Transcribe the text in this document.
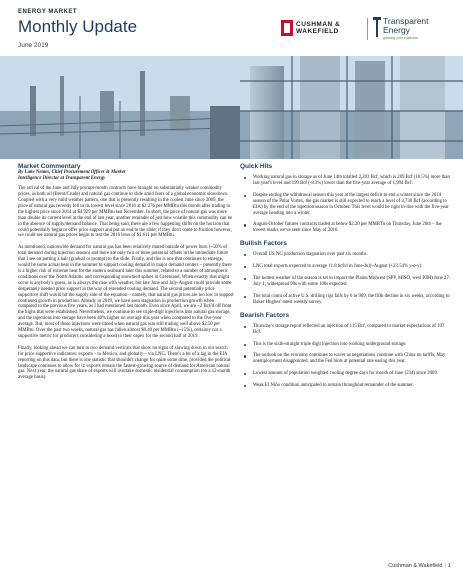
ENERGY MARKET
Monthly Update
June 2019
CUSHMAN &
WAKEFIELD
Transparent
Energy
growing your business
Market Commentary

By Luke Nemes, Chief Procurement Officer & Market

Intelligence Director at Transparent Energy

The arrival of the June and July prompt-month contracts have brought on substantially weaker commodity prices, as both oil (Brent/Crude) and natural gas continue to slide amid fears of a global economic slowdown. Coupled with a very mild weather pattern, one that is presently resulting in the coolest June since 2009, the price of natural gas recently fell to its lowest level since 2016 at $2.276 per MMBtu this month after trading to the highest price since 2014 at $4.929 per MMBtu last November. In short, the price of natural gas was more than double its current level at the end of last year, another reminder of just how volatile this commodity can be in the absence of supply/demand balance. That being said, there are a few happening shifts on the horizon that could potentially begin to offer price support and put an end to the slide; if they don't come to fruition however, we could see natural gas prices begin to test the 2016 lows of $1.611 per MMBtu.

As mentioned, nationwide demand for natural gas has been relatively muted outside of power burn (~50% of total demand during injection season) and there are only two or three potential offsets in the immediate future that I see on putting a halt (gradual or prompt) to the slide. Firstly, and this is one that continues to emerge, would be some actual heat in the summer to support cooling demand in major demand centers – presently there is a higher risk of extreme heat for the eastern seaboard later this summer, related to a number of atmospheric conditions over the North Atlantic and corresponding snowmelt spikes in Greenland. When exactly that might occur is anybody's guess, as is always the case with weather, but late June and July-August could provide some desperately needed price support in the way of extended cooling demand. The second potentially price supportive shift would hit the supply side of the equation – namely, that natural gas prices are too low to support continued growth in production. Already in 2019, we have seen stagnation in production growth when compared to the previous five years, as I had mentioned last month. Even since April, we are ~2 Bcf/d off from the highs that were established. Nevertheless, we continue to see triple-digit injections into natural gas storage, and the injections into storage have been 40% higher on average this year when compared to the five-year average. But, most of those injections were timed when natural gas was still trading well above $2.50 per MMBtu. Over the past two weeks, natural gas has fallen almost $0.40 per MMBtu (~15%), certainly not a supportive metric for producers considering a boost to their capex for the second half of 2019.

Finally, looking ahead we can turn to two demand verticals that show no signs of slowing down in our search for price supportive indicators: exports – to Mexico, and globally – via LNG. There's a bit of a lag in the EIA reporting on this data, but there is one statistic that shouldn't change for quite some time, provided the political landscape continues to allow for it: exports remain the fastest-growing source of demand for American natural gas. Next year, the natural gas share of exports will overtake domestic residential consumption (on a 12-month average basis).

Quick Hits
Working natural gas in storage as of June 14th totalled 2,203 Bcf, which is 209 Bcf (10.5%) more than last year's level and 199 Bcf (-8.3%) lower than the five-year average of 1,994 Bcf.
Despite ending the withdrawal season this year at the largest deficit to end a winter since the 2014 season of the Polar Vortex, the gas market is still expected to reach a level of 3,730 Bcf (according to EIA) by the end of the injection season in October. This level would be right in-line with the five-year average heading into a winter.
August-October futures contracts traded at below $2.20 per MMBTu on Thursday, June 20th – the lowest marks we've seen since May of 2016.
Bullish Factors
Overall US NG production stagnation over past six months.
LNG total exports expected to average 11.8 bcf/d in June-July-August (+23.54% y-o-y).
The hottest weather of the season is set to impact the Plains/Midwest (SPP, MISO, west PJM) June 27-July 1; widespread 90s with some 100s expected.
The total count of active U.S. drilling rigs falls by 6 to 969, the fifth decline in six weeks, according to Baker Hughes' latest weekly survey.
Bearish Factors
Thursday's storage report reflected an injection of 115 Bcf, compared to market expectations of 107 Bcf.
This is the sixth-straight triple digit injection into working underground storage.
The outlook on the economy continues to waver as negotiations continue with China on tariffs, May unemployment disappointed, and the Fed hints at potential rate easing this year.
Lowest amount of population weighted cooling degree days for month of June (234) since 2009.
Weak El Niño condition anticipated to remain throughout remainder of the summer.
Cushman & Wakefield | 1
